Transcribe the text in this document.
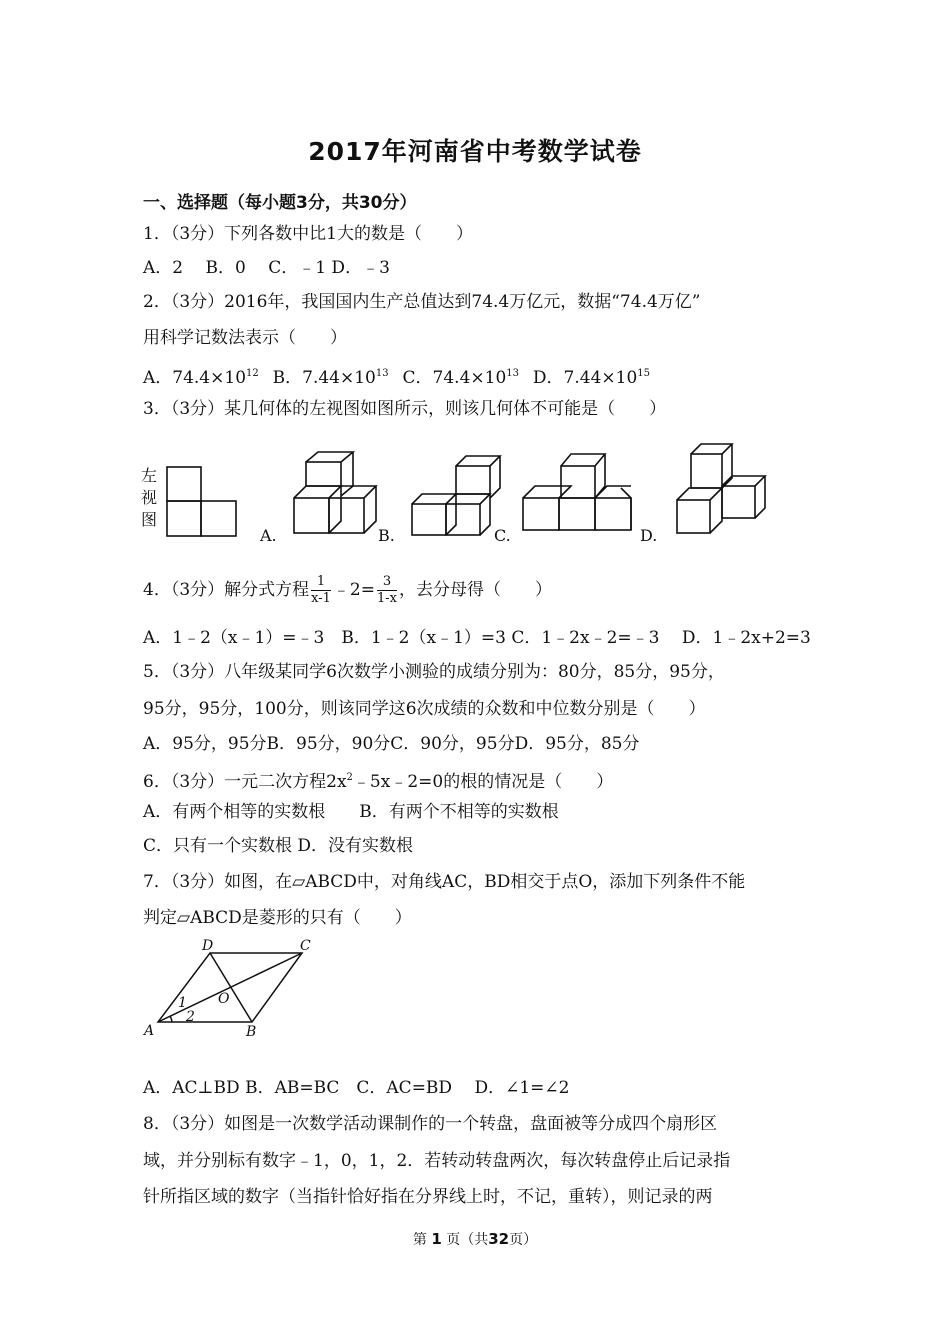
2017年河南省中考数学试卷
一、选择题（每小题3分，共30分）
1．（3分）下列各数中比1大的数是（　　）
A．2　 B．0　 C．﹣1 D．﹣3
2．（3分）2016年，我国国内生产总值达到74.4万亿元，数据“74.4万亿”
用科学记数法表示（　　）
A．$74.4\times 10^{12}$  B．$7.44\times 10^{13}$  C．$74.4\times 10^{13}$  D．$7.44\times 10^{15}$
3．（3分）某几何体的左视图如图所示，则该几何体不可能是（　　）
左
视
图
A.	B.	C.	D.
4．（3分）解分式方程 $\frac{1}{x-1}$ ﹣2= $\frac{3}{1-x}$ ，去分母得（　　）
A．1﹣2（x﹣1）=﹣3　B．1﹣2（x﹣1）=3 C．1﹣2x﹣2=﹣3　 D．1﹣2x+2=3
5．（3分）八年级某同学6次数学小测验的成绩分别为：80分，85分，95分，
95分，95分，100分，则该同学这6次成绩的众数和中位数分别是（　　）
A．95分，95分B．95分，90分C．90分，95分D．95分，85分
6．（3分）一元二次方程$2x^2﹣5x﹣2=0$的根的情况是（　　）
A．有两个相等的实数根　　B．有两个不相等的实数根
C．只有一个实数根 D．没有实数根
7．（3分）如图，在▱ABCD中，对角线AC，BD相交于点O，添加下列条件不能
判定▱ABCD是菱形的只有（　　）
A	B
C
D
O
1
2
A．AC⊥BD B．AB=BC　C．AC=BD　 D．∠1=∠2
8．（3分）如图是一次数学活动课制作的一个转盘，盘面被等分成四个扇形区
域，并分别标有数字﹣1，0，1，2．若转动转盘两次，每次转盘停止后记录指
针所指区域的数字（当指针恰好指在分界线上时，不记，重转），则记录的两
第 1 页（共32页）
